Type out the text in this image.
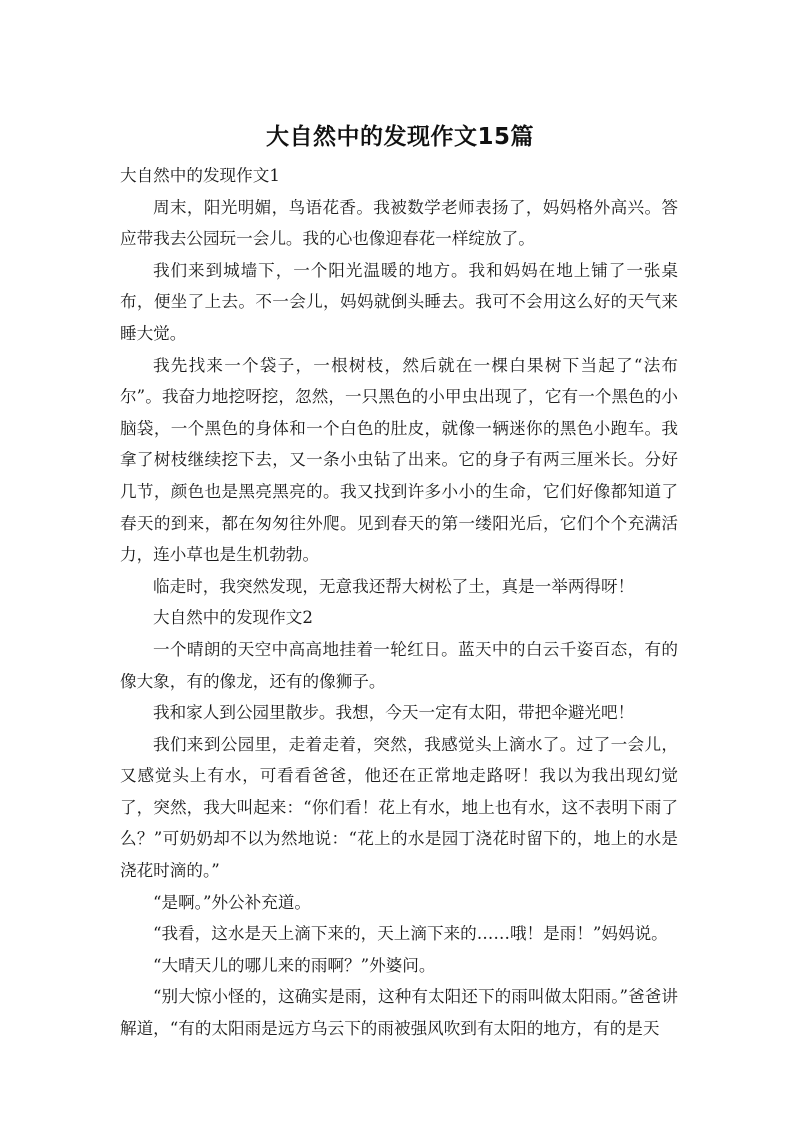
大自然中的发现作文15篇

大自然中的发现作文1

周末，阳光明媚，鸟语花香。我被数学老师表扬了，妈妈格外高兴。答应带我去公园玩一会儿。我的心也像迎春花一样绽放了。

我们来到城墙下，一个阳光温暖的地方。我和妈妈在地上铺了一张桌布，便坐了上去。不一会儿，妈妈就倒头睡去。我可不会用这么好的天气来睡大觉。

我先找来一个袋子，一根树枝，然后就在一棵白果树下当起了“法布尔”。我奋力地挖呀挖，忽然，一只黑色的小甲虫出现了，它有一个黑色的小脑袋，一个黑色的身体和一个白色的肚皮，就像一辆迷你的黑色小跑车。我拿了树枝继续挖下去，又一条小虫钻了出来。它的身子有两三厘米长。分好几节，颜色也是黑亮黑亮的。我又找到许多小小的生命，它们好像都知道了春天的到来，都在匆匆往外爬。见到春天的第一缕阳光后，它们个个充满活力，连小草也是生机勃勃。

临走时，我突然发现，无意我还帮大树松了土，真是一举两得呀！

大自然中的发现作文2

一个晴朗的天空中高高地挂着一轮红日。蓝天中的白云千姿百态，有的像大象，有的像龙，还有的像狮子。

我和家人到公园里散步。我想，今天一定有太阳，带把伞避光吧！

我们来到公园里，走着走着，突然，我感觉头上滴水了。过了一会儿，又感觉头上有水，可看看爸爸，他还在正常地走路呀！我以为我出现幻觉了，突然，我大叫起来：“你们看！花上有水，地上也有水，这不表明下雨了么？”可奶奶却不以为然地说：“花上的水是园丁浇花时留下的，地上的水是浇花时滴的。”

“是啊。”外公补充道。

“我看，这水是天上滴下来的，天上滴下来的……哦！是雨！”妈妈说。

“大晴天儿的哪儿来的雨啊？”外婆问。

“别大惊小怪的，这确实是雨，这种有太阳还下的雨叫做太阳雨。”爸爸讲解道，“有的太阳雨是远方乌云下的雨被强风吹到有太阳的地方，有的是天
